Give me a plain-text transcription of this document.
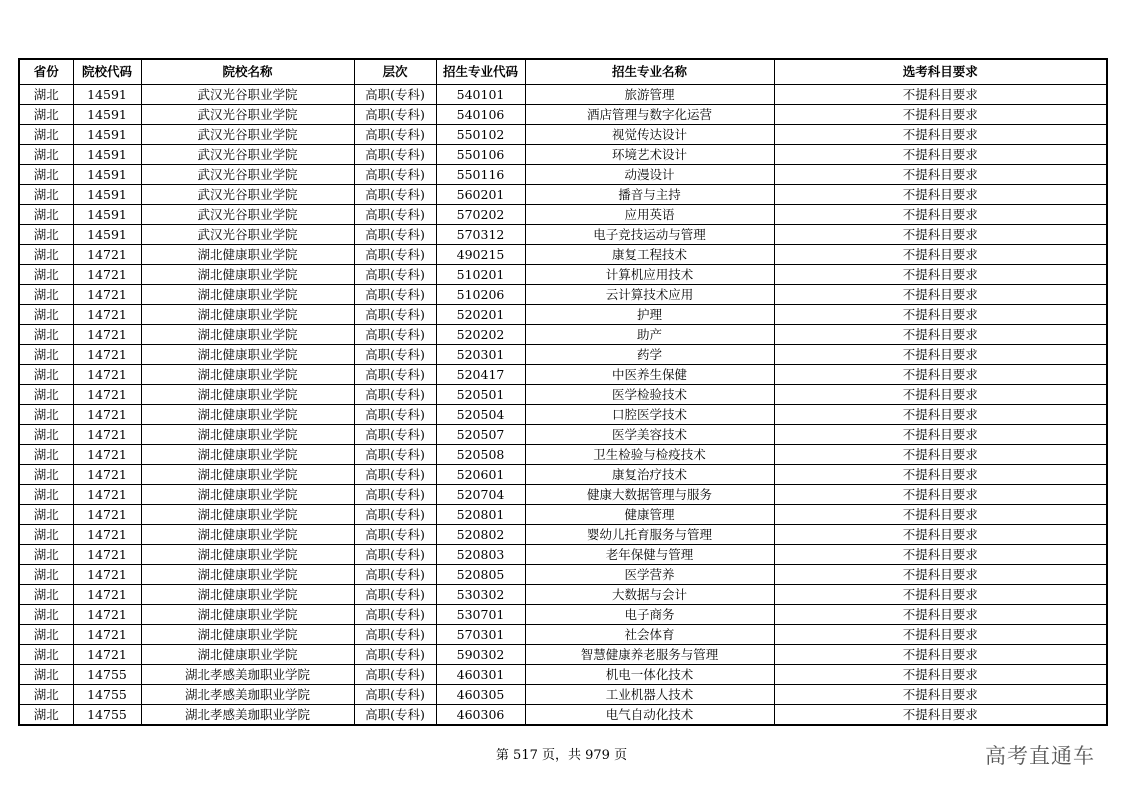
省份	院校代码	院校名称	层次	招生专业代码	招生专业名称	选考科目要求
湖北	14591	武汉光谷职业学院	高职(专科)	540101	旅游管理	不提科目要求
湖北	14591	武汉光谷职业学院	高职(专科)	540106	酒店管理与数字化运营	不提科目要求
湖北	14591	武汉光谷职业学院	高职(专科)	550102	视觉传达设计	不提科目要求
湖北	14591	武汉光谷职业学院	高职(专科)	550106	环境艺术设计	不提科目要求
湖北	14591	武汉光谷职业学院	高职(专科)	550116	动漫设计	不提科目要求
湖北	14591	武汉光谷职业学院	高职(专科)	560201	播音与主持	不提科目要求
湖北	14591	武汉光谷职业学院	高职(专科)	570202	应用英语	不提科目要求
湖北	14591	武汉光谷职业学院	高职(专科)	570312	电子竞技运动与管理	不提科目要求
湖北	14721	湖北健康职业学院	高职(专科)	490215	康复工程技术	不提科目要求
湖北	14721	湖北健康职业学院	高职(专科)	510201	计算机应用技术	不提科目要求
湖北	14721	湖北健康职业学院	高职(专科)	510206	云计算技术应用	不提科目要求
湖北	14721	湖北健康职业学院	高职(专科)	520201	护理	不提科目要求
湖北	14721	湖北健康职业学院	高职(专科)	520202	助产	不提科目要求
湖北	14721	湖北健康职业学院	高职(专科)	520301	药学	不提科目要求
湖北	14721	湖北健康职业学院	高职(专科)	520417	中医养生保健	不提科目要求
湖北	14721	湖北健康职业学院	高职(专科)	520501	医学检验技术	不提科目要求
湖北	14721	湖北健康职业学院	高职(专科)	520504	口腔医学技术	不提科目要求
湖北	14721	湖北健康职业学院	高职(专科)	520507	医学美容技术	不提科目要求
湖北	14721	湖北健康职业学院	高职(专科)	520508	卫生检验与检疫技术	不提科目要求
湖北	14721	湖北健康职业学院	高职(专科)	520601	康复治疗技术	不提科目要求
湖北	14721	湖北健康职业学院	高职(专科)	520704	健康大数据管理与服务	不提科目要求
湖北	14721	湖北健康职业学院	高职(专科)	520801	健康管理	不提科目要求
湖北	14721	湖北健康职业学院	高职(专科)	520802	婴幼儿托育服务与管理	不提科目要求
湖北	14721	湖北健康职业学院	高职(专科)	520803	老年保健与管理	不提科目要求
湖北	14721	湖北健康职业学院	高职(专科)	520805	医学营养	不提科目要求
湖北	14721	湖北健康职业学院	高职(专科)	530302	大数据与会计	不提科目要求
湖北	14721	湖北健康职业学院	高职(专科)	530701	电子商务	不提科目要求
湖北	14721	湖北健康职业学院	高职(专科)	570301	社会体育	不提科目要求
湖北	14721	湖北健康职业学院	高职(专科)	590302	智慧健康养老服务与管理	不提科目要求
湖北	14755	湖北孝感美珈职业学院	高职(专科)	460301	机电一体化技术	不提科目要求
湖北	14755	湖北孝感美珈职业学院	高职(专科)	460305	工业机器人技术	不提科目要求
湖北	14755	湖北孝感美珈职业学院	高职(专科)	460306	电气自动化技术	不提科目要求
第 517 页，共 979 页	高考直通车
